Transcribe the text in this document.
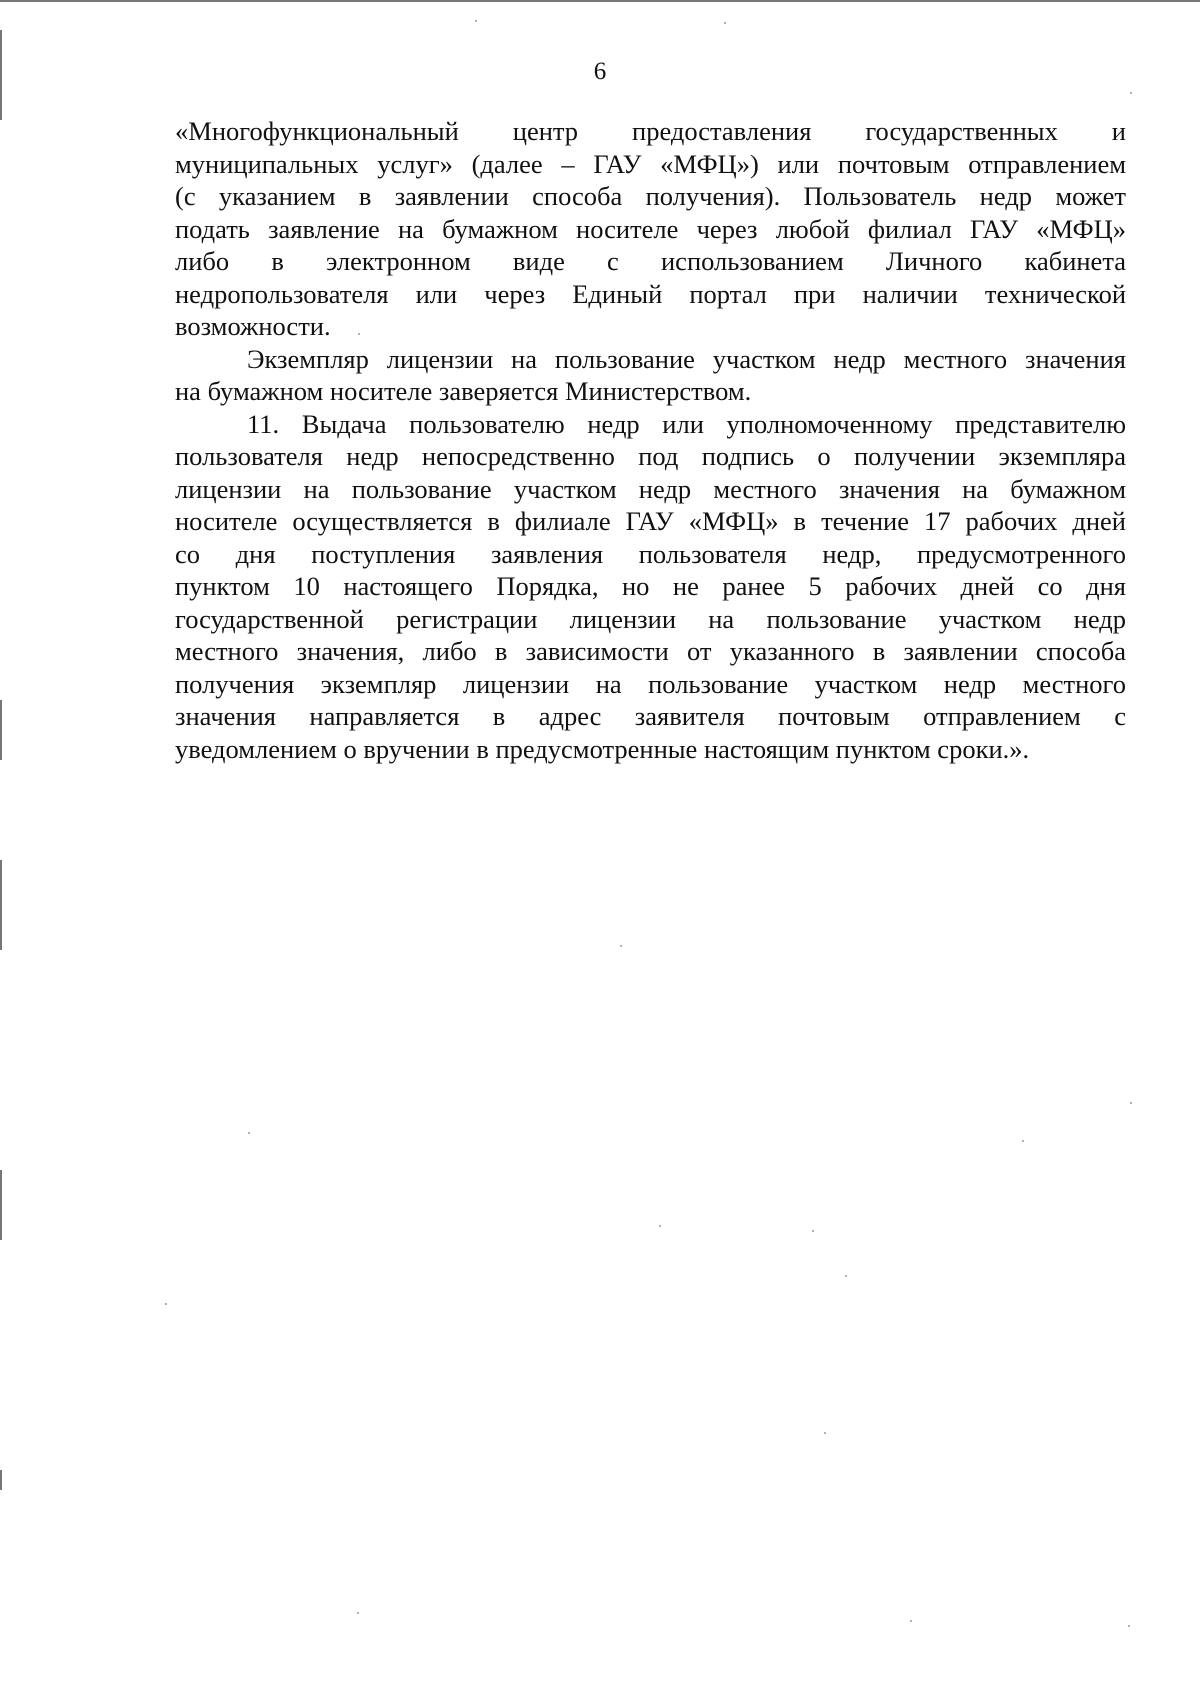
6
«Многофункциональный центр предоставления государственных и
муниципальных услуг» (далее – ГАУ «МФЦ») или почтовым отправлением
(с указанием в заявлении способа получения). Пользователь недр может
подать заявление на бумажном носителе через любой филиал ГАУ «МФЦ»
либо в электронном виде с использованием Личного кабинета
недропользователя или через Единый портал при наличии технической
возможности.
Экземпляр лицензии на пользование участком недр местного значения
на бумажном носителе заверяется Министерством.
11. Выдача пользователю недр или уполномоченному представителю
пользователя недр непосредственно под подпись о получении экземпляра
лицензии на пользование участком недр местного значения на бумажном
носителе осуществляется в филиале ГАУ «МФЦ» в течение 17 рабочих дней
со дня поступления заявления пользователя недр, предусмотренного
пунктом 10 настоящего Порядка, но не ранее 5 рабочих дней со дня
государственной регистрации лицензии на пользование участком недр
местного значения, либо в зависимости от указанного в заявлении способа
получения экземпляр лицензии на пользование участком недр местного
значения направляется в адрес заявителя почтовым отправлением с
уведомлением о вручении в предусмотренные настоящим пунктом сроки.».
